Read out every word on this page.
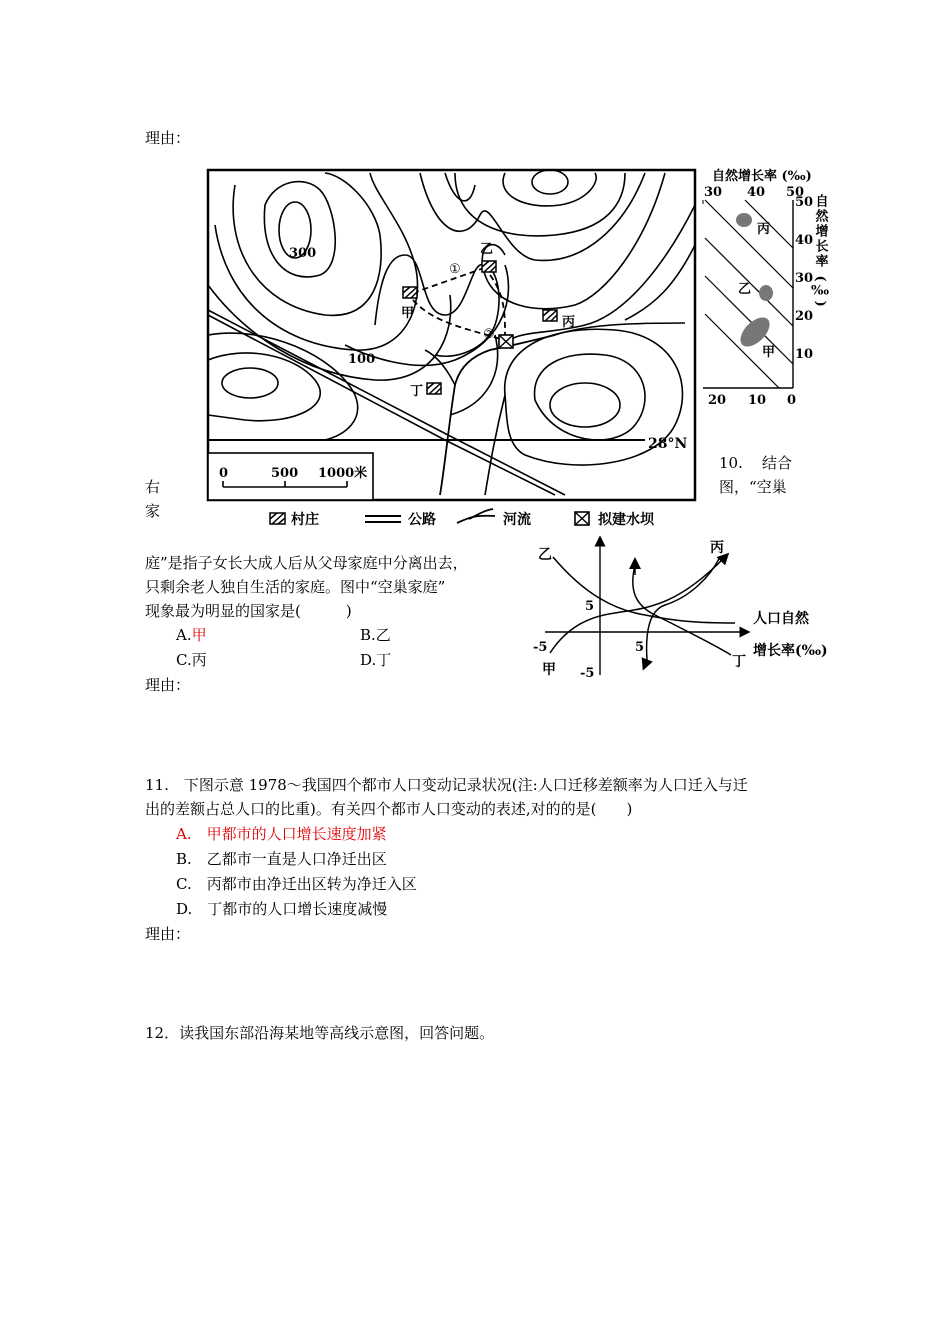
理由：
300
100
28°N
①
②
甲
乙
丙
丁
0	500 1000米
村庄	公路	河流	拟建水坝
自然增长率 (‰)
30 40 50
50
40
30
20
10
20 10 0
自然增长率 (‰)
丙
乙
甲
10. 结合
图，“空巢
右
家
庭”是指子女长大成人后从父母家庭中分离出去，
只剩余老人独自生活的家庭。图中“空巢家庭”
现象最为明显的国家是(　　　)
A.甲	B.乙
C.丙	D.丁
理由：
乙	丙
甲	丁
5
5
-5
-5
人口自然
增长率(‰)
11.　下图示意 1978～我国四个都市人口变动记录状况(注:人口迁移差额率为人口迁入与迁
出的差额占总人口的比重)。有关四个都市人口变动的表述,对的的是(　　)
A.　甲都市的人口增长速度加紧
B.　乙都市一直是人口净迁出区
C.　丙都市由净迁出区转为净迁入区
D.　丁都市的人口增长速度减慢
理由：
12．读我国东部沿海某地等高线示意图，回答问题。
